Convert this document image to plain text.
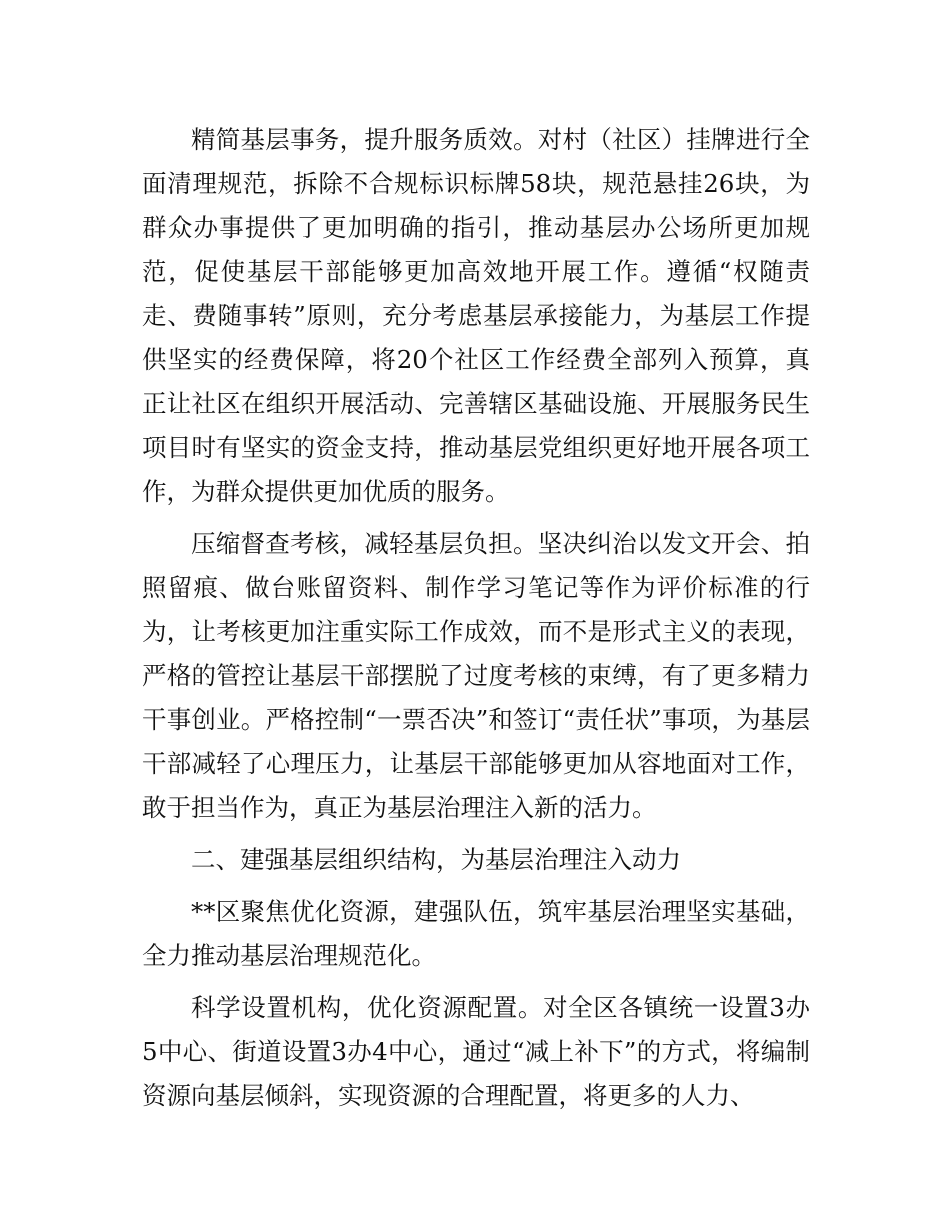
精简基层事务，提升服务质效。对村（社区）挂牌进行全面清理规范，拆除不合规标识标牌58块，规范悬挂26块，为群众办事提供了更加明确的指引，推动基层办公场所更加规范，促使基层干部能够更加高效地开展工作。遵循“权随责走、费随事转”原则，充分考虑基层承接能力，为基层工作提供坚实的经费保障，将20个社区工作经费全部列入预算，真正让社区在组织开展活动、完善辖区基础设施、开展服务民生项目时有坚实的资金支持，推动基层党组织更好地开展各项工作，为群众提供更加优质的服务。

压缩督查考核，减轻基层负担。坚决纠治以发文开会、拍照留痕、做台账留资料、制作学习笔记等作为评价标准的行为，让考核更加注重实际工作成效，而不是形式主义的表现，严格的管控让基层干部摆脱了过度考核的束缚，有了更多精力干事创业。严格控制“一票否决”和签订“责任状”事项，为基层干部减轻了心理压力，让基层干部能够更加从容地面对工作，敢于担当作为，真正为基层治理注入新的活力。

二、建强基层组织结构，为基层治理注入动力

**区聚焦优化资源，建强队伍，筑牢基层治理坚实基础，全力推动基层治理规范化。

科学设置机构，优化资源配置。对全区各镇统一设置3办5中心、街道设置3办4中心，通过“减上补下”的方式，将编制资源向基层倾斜，实现资源的合理配置，将更多的人力、
